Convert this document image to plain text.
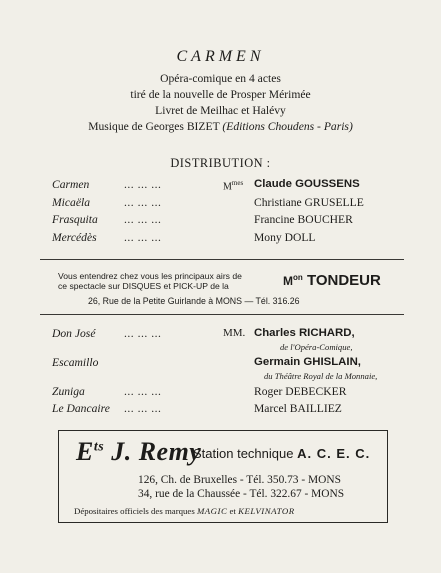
CARMEN
Opéra-comique en 4 actes
tiré de la nouvelle de Prosper Mérimée
Livret de Meilhac et Halévy
Musique de Georges BIZET (Editions Choudens - Paris)
DISTRIBUTION :
Carmen	... ... ...	$M^{mes}$ Claude GOUSSENS
Micaëla	... ... ...	Christiane GRUSELLE
Frasquita ... ... ...	Francine BOUCHER
Mercédès ... ... ...	Mony DOLL
Vous entendrez chez vous les principaux airs de
ce spectacle sur DISQUES et PICK-UP de la	$M^{on}$ TONDEUR
26, Rue de la Petite Guirlande à MONS — Tél. 316.26
Don José ... ... ...	MM. Charles RICHARD,
de l'Opéra-Comique,
Escamillo	Germain GHISLAIN,
du Théâtre Royal de la Monnaie,
Zuniga	... ... ...	Roger DEBECKER
Le Dancaire ... ... ...	Marcel BAILLIEZ
$E^{ts}$ J. Remy
Station technique A. C. E. C.
126, Ch. de Bruxelles - Tél. 350.73 - MONS
34, rue de la Chaussée - Tél. 322.67 - MONS
Dépositaires officiels des marques MAGIC et KELVINATOR
